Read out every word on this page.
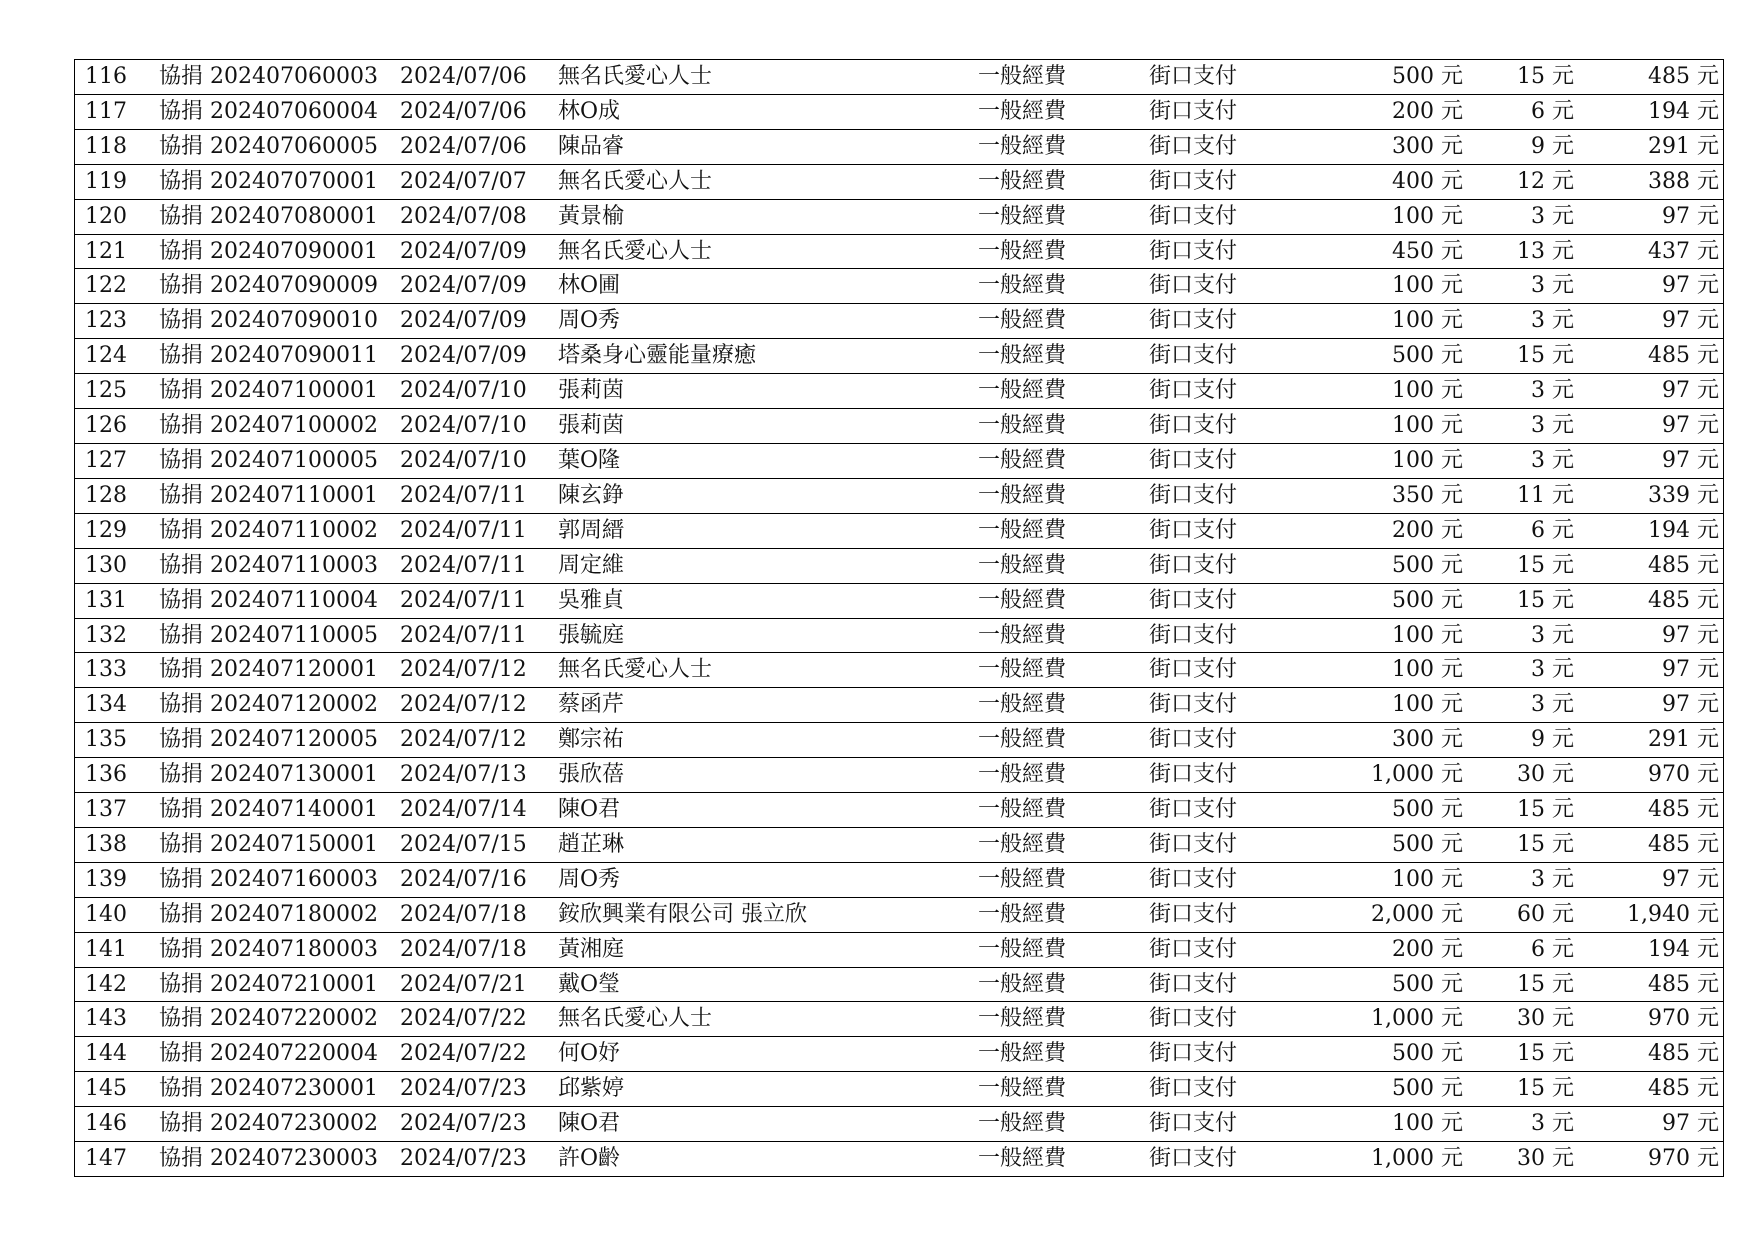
116	協捐 202407060003	2024/07/06	無名氏愛心人士	一般經費	街口支付	500 元	15 元	485 元
117	協捐 202407060004	2024/07/06	林O成	一般經費	街口支付	200 元	6 元	194 元
118	協捐 202407060005	2024/07/06	陳品睿	一般經費	街口支付	300 元	9 元	291 元
119	協捐 202407070001	2024/07/07	無名氏愛心人士	一般經費	街口支付	400 元	12 元	388 元
120	協捐 202407080001	2024/07/08	黃景榆	一般經費	街口支付	100 元	3 元	97 元
121	協捐 202407090001	2024/07/09	無名氏愛心人士	一般經費	街口支付	450 元	13 元	437 元
122	協捐 202407090009	2024/07/09	林O圃	一般經費	街口支付	100 元	3 元	97 元
123	協捐 202407090010	2024/07/09	周O秀	一般經費	街口支付	100 元	3 元	97 元
124	協捐 202407090011	2024/07/09	塔桑身心靈能量療癒	一般經費	街口支付	500 元	15 元	485 元
125	協捐 202407100001	2024/07/10	張莉茵	一般經費	街口支付	100 元	3 元	97 元
126	協捐 202407100002	2024/07/10	張莉茵	一般經費	街口支付	100 元	3 元	97 元
127	協捐 202407100005	2024/07/10	葉O隆	一般經費	街口支付	100 元	3 元	97 元
128	協捐 202407110001	2024/07/11	陳玄錚	一般經費	街口支付	350 元	11 元	339 元
129	協捐 202407110002	2024/07/11	郭周縉	一般經費	街口支付	200 元	6 元	194 元
130	協捐 202407110003	2024/07/11	周定維	一般經費	街口支付	500 元	15 元	485 元
131	協捐 202407110004	2024/07/11	吳雅貞	一般經費	街口支付	500 元	15 元	485 元
132	協捐 202407110005	2024/07/11	張毓庭	一般經費	街口支付	100 元	3 元	97 元
133	協捐 202407120001	2024/07/12	無名氏愛心人士	一般經費	街口支付	100 元	3 元	97 元
134	協捐 202407120002	2024/07/12	蔡函芹	一般經費	街口支付	100 元	3 元	97 元
135	協捐 202407120005	2024/07/12	鄭宗祐	一般經費	街口支付	300 元	9 元	291 元
136	協捐 202407130001	2024/07/13	張欣蓓	一般經費	街口支付	1,000 元	30 元	970 元
137	協捐 202407140001	2024/07/14	陳O君	一般經費	街口支付	500 元	15 元	485 元
138	協捐 202407150001	2024/07/15	趙芷琳	一般經費	街口支付	500 元	15 元	485 元
139	協捐 202407160003	2024/07/16	周O秀	一般經費	街口支付	100 元	3 元	97 元
140	協捐 202407180002	2024/07/18	銨欣興業有限公司 張立欣	一般經費	街口支付	2,000 元	60 元	1,940 元
141	協捐 202407180003	2024/07/18	黃湘庭	一般經費	街口支付	200 元	6 元	194 元
142	協捐 202407210001	2024/07/21	戴O瑩	一般經費	街口支付	500 元	15 元	485 元
143	協捐 202407220002	2024/07/22	無名氏愛心人士	一般經費	街口支付	1,000 元	30 元	970 元
144	協捐 202407220004	2024/07/22	何O妤	一般經費	街口支付	500 元	15 元	485 元
145	協捐 202407230001	2024/07/23	邱紫婷	一般經費	街口支付	500 元	15 元	485 元
146	協捐 202407230002	2024/07/23	陳O君	一般經費	街口支付	100 元	3 元	97 元
147	協捐 202407230003	2024/07/23	許O齡	一般經費	街口支付	1,000 元	30 元	970 元
